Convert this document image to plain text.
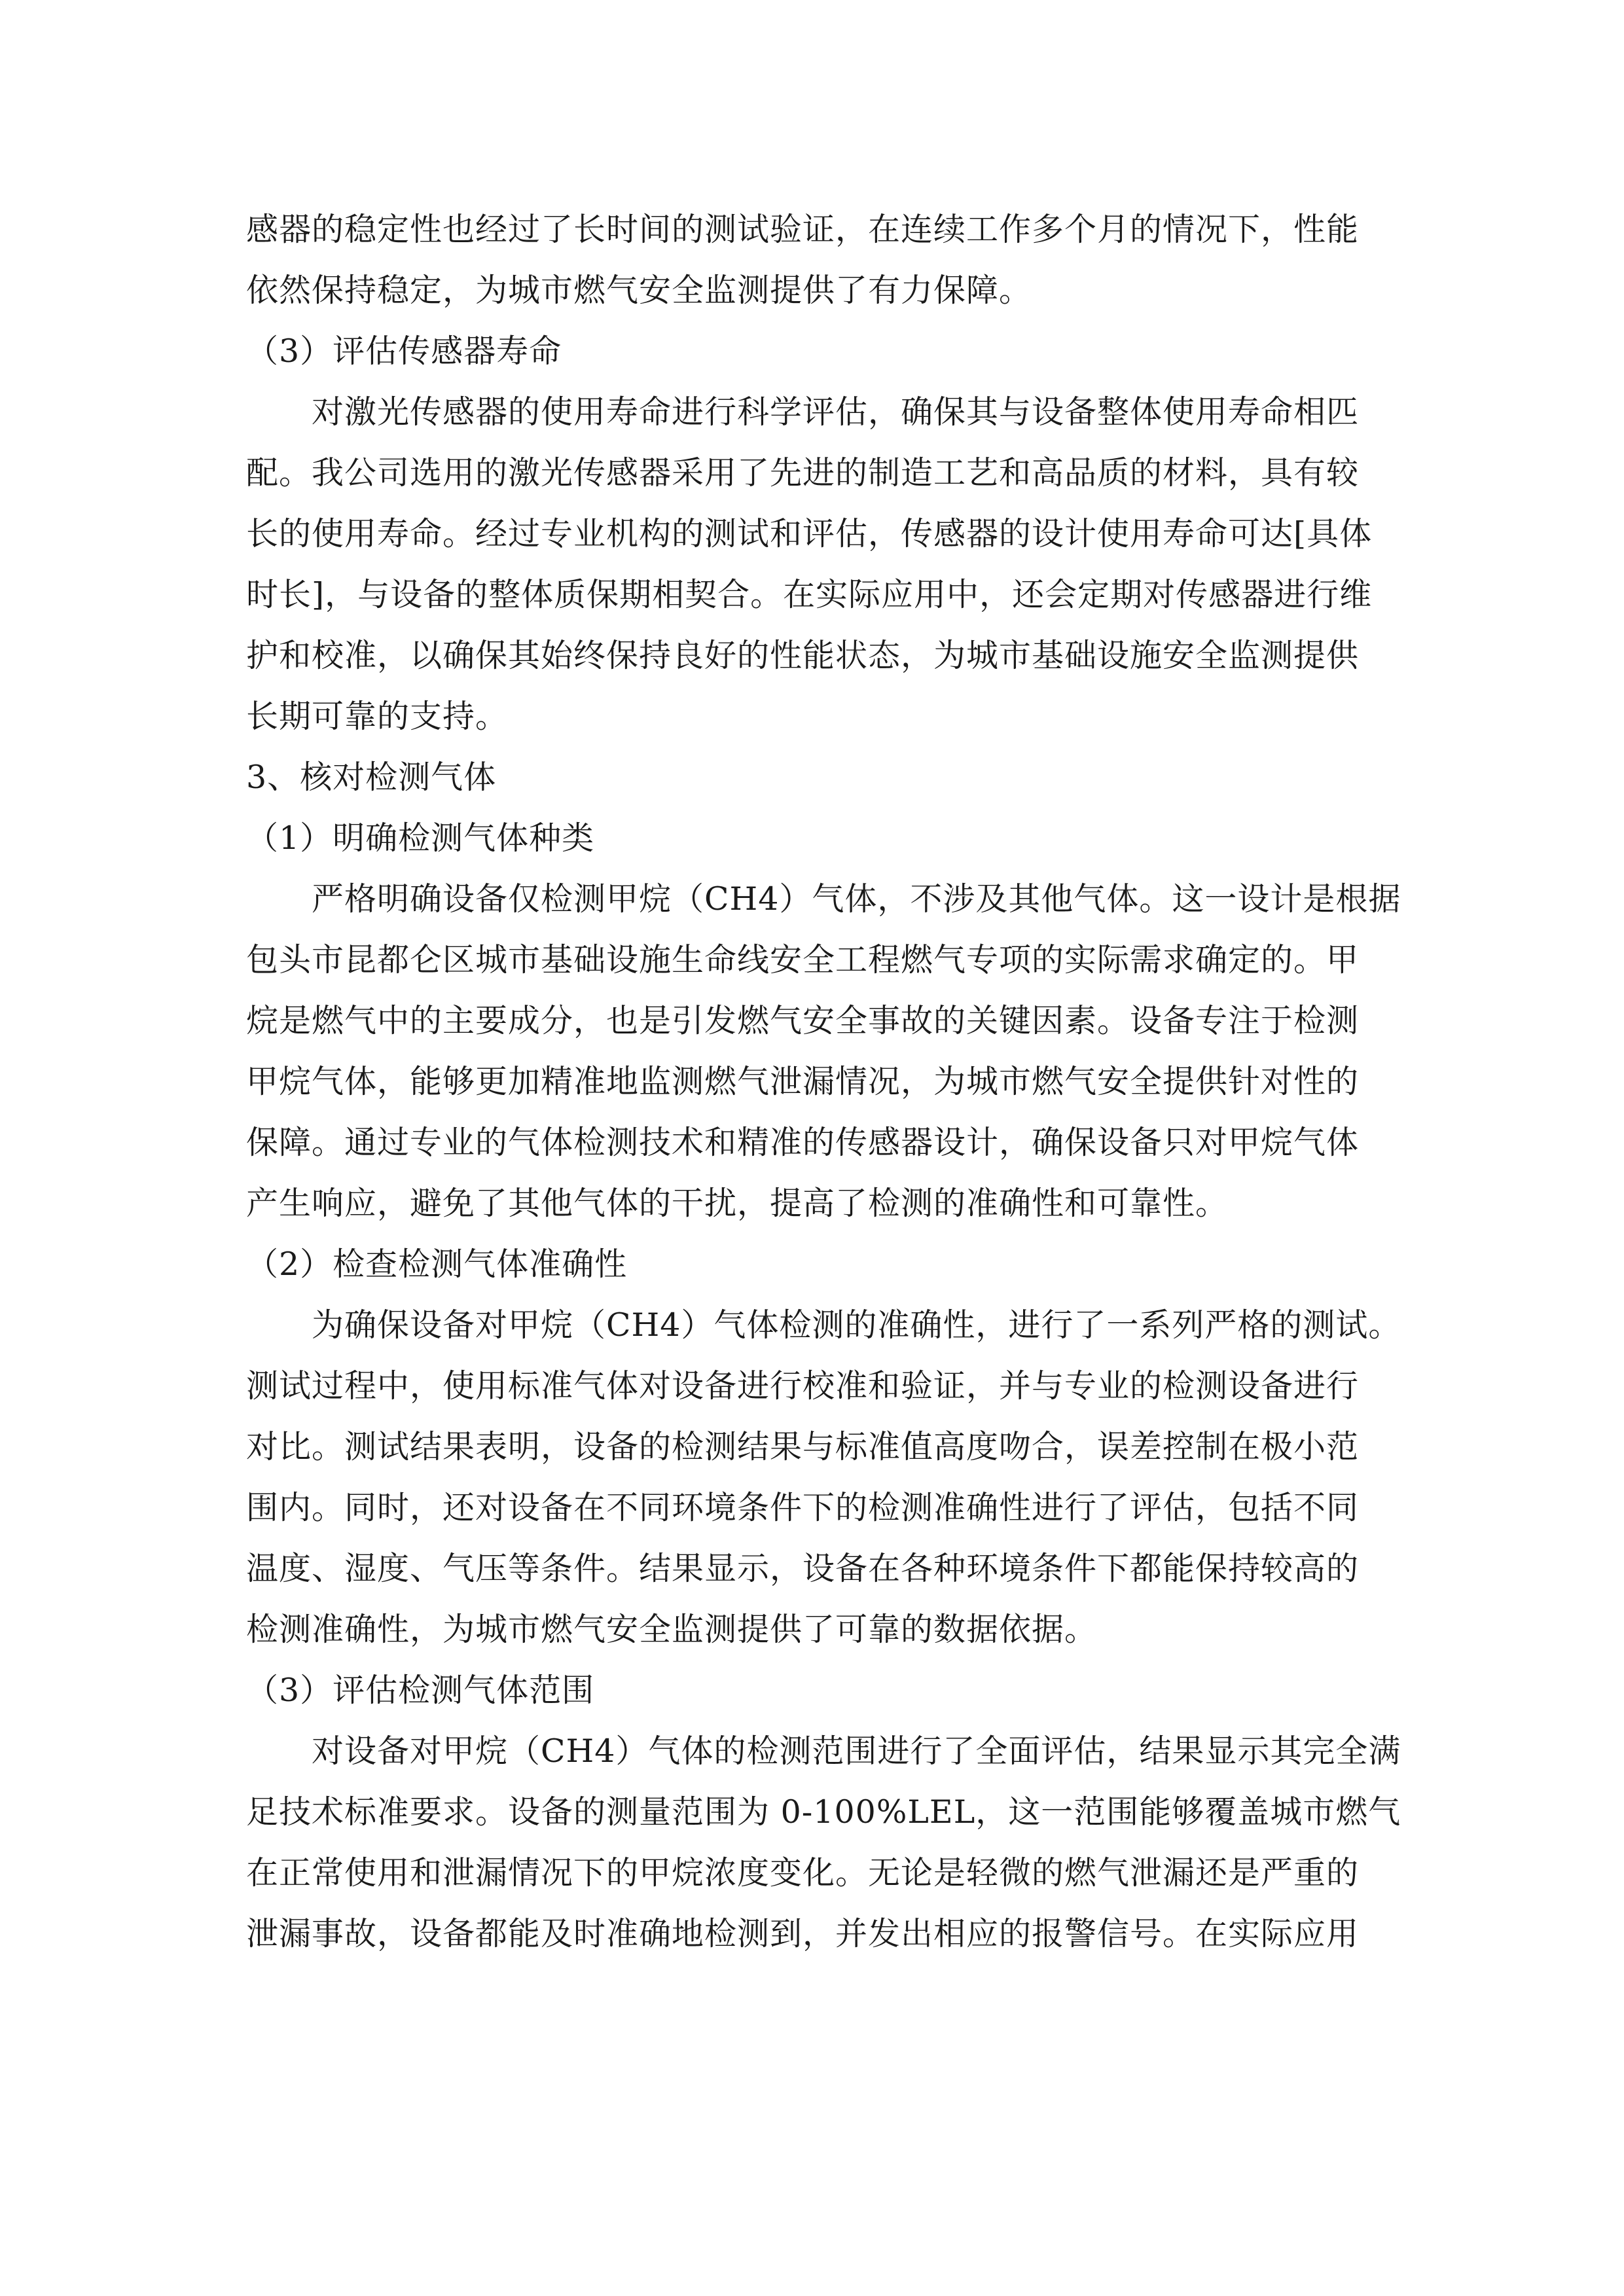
感器的稳定性也经过了长时间的测试验证，在连续工作多个月的情况下，性能
依然保持稳定，为城市燃气安全监测提供了有力保障。
（3）评估传感器寿命
对激光传感器的使用寿命进行科学评估，确保其与设备整体使用寿命相匹
配。我公司选用的激光传感器采用了先进的制造工艺和高品质的材料，具有较
长的使用寿命。经过专业机构的测试和评估，传感器的设计使用寿命可达[具体
时长]，与设备的整体质保期相契合。在实际应用中，还会定期对传感器进行维
护和校准，以确保其始终保持良好的性能状态，为城市基础设施安全监测提供
长期可靠的支持。
3、核对检测气体
（1）明确检测气体种类
严格明确设备仅检测甲烷（CH4）气体，不涉及其他气体。这一设计是根据
包头市昆都仑区城市基础设施生命线安全工程燃气专项的实际需求确定的。甲
烷是燃气中的主要成分，也是引发燃气安全事故的关键因素。设备专注于检测
甲烷气体，能够更加精准地监测燃气泄漏情况，为城市燃气安全提供针对性的
保障。通过专业的气体检测技术和精准的传感器设计，确保设备只对甲烷气体
产生响应，避免了其他气体的干扰，提高了检测的准确性和可靠性。
（2）检查检测气体准确性
为确保设备对甲烷（CH4）气体检测的准确性，进行了一系列严格的测试。
测试过程中，使用标准气体对设备进行校准和验证，并与专业的检测设备进行
对比。测试结果表明，设备的检测结果与标准值高度吻合，误差控制在极小范
围内。同时，还对设备在不同环境条件下的检测准确性进行了评估，包括不同
温度、湿度、气压等条件。结果显示，设备在各种环境条件下都能保持较高的
检测准确性，为城市燃气安全监测提供了可靠的数据依据。
（3）评估检测气体范围
对设备对甲烷（CH4）气体的检测范围进行了全面评估，结果显示其完全满
足技术标准要求。设备的测量范围为 0-100%LEL，这一范围能够覆盖城市燃气
在正常使用和泄漏情况下的甲烷浓度变化。无论是轻微的燃气泄漏还是严重的
泄漏事故，设备都能及时准确地检测到，并发出相应的报警信号。在实际应用
